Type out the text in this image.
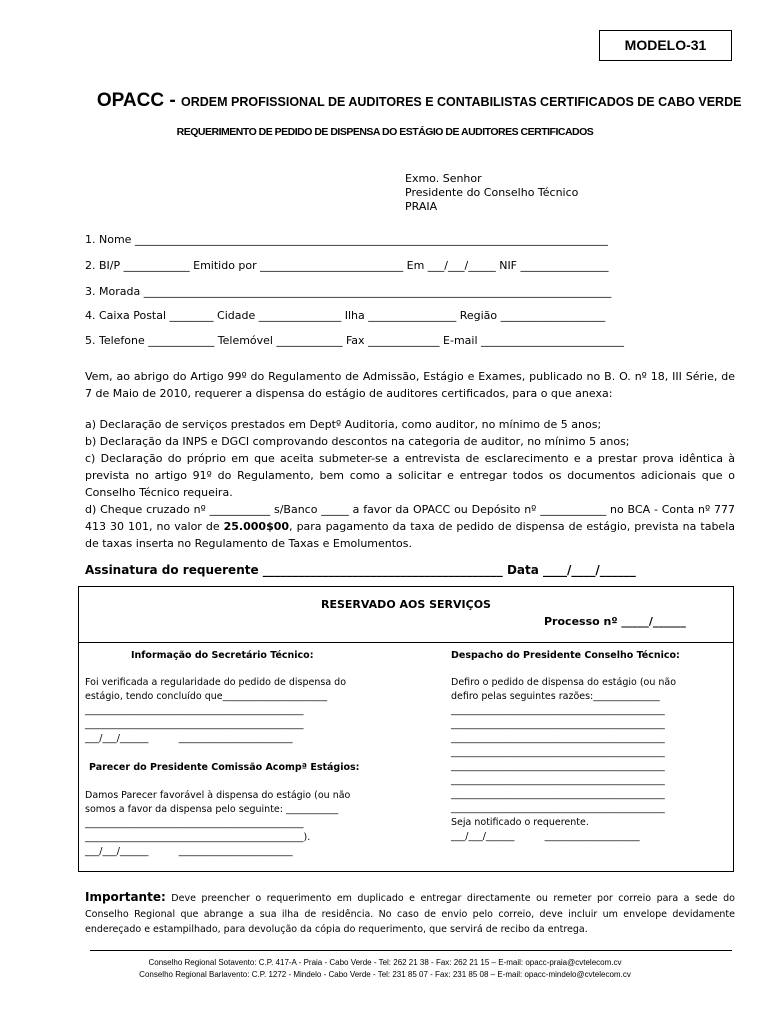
MODELO-31

OPACC - ORDEM PROFISSIONAL DE AUDITORES E CONTABILISTAS CERTIFICADOS DE CABO VERDE

REQUERIMENTO DE PEDIDO DE DISPENSA DO ESTÁGIO DE AUDITORES CERTIFICADOS
Exmo. Senhor
Presidente do Conselho Técnico
PRAIA
1. Nome ______________________________________________________________________________________
2. BI/P ____________ Emitido por __________________________ Em ___/___/_____ NIF ________________
3. Morada _____________________________________________________________________________________
4. Caixa Postal ________ Cidade _______________ Ilha ________________ Região ___________________
5. Telefone ____________ Telemóvel ____________ Fax _____________ E-mail __________________________

Vem, ao abrigo do Artigo 99º do Regulamento de Admissão, Estágio e Exames, publicado no B. O. nº 18, III Série, de 7 de Maio de 2010, requerer a dispensa do estágio de auditores certificados, para o que anexa:

a) Declaração de serviços prestados em Deptº Auditoria, como auditor, no mínimo de 5 anos;

b) Declaração da INPS e DGCI comprovando descontos na categoria de auditor, no mínimo 5 anos;

c) Declaração do próprio em que aceita submeter-se a entrevista de esclarecimento e a prestar prova idêntica à prevista no artigo 91º do Regulamento, bem como a solicitar e entregar todos os documentos adicionais que o Conselho Técnico requeira.

d) Cheque cruzado nº ___________ s/Banco _____ a favor da OPACC ou Depósito nº ____________ no BCA - Conta nº 777 413 30 101, no valor de 25.000$00, para pagamento da taxa de pedido de dispensa de estágio, prevista na tabela de taxas inserta no Regulamento de Taxas e Emolumentos.

Assinatura do requerente ________________________________________ Data ____/____/______
RESERVADO AOS SERVIÇOS
Processo nº _____/______
Informação do Secretário Técnico:
Foi verificada a regularidade do pedido de dispensa do
estágio, tendo concluído que______________________
______________________________________________
______________________________________________
___/___/______          ________________________
Parecer do Presidente Comissão Acompª Estágios:
Damos Parecer favorável à dispensa do estágio (ou não
somos a favor da dispensa pelo seguinte: ___________
______________________________________________
______________________________________________).
___/___/______          ________________________
Despacho do Presidente Conselho Técnico:
Defiro o pedido de dispensa do estágio (ou não
defiro pelas seguintes razões:______________
_____________________________________________
_____________________________________________
_____________________________________________
_____________________________________________
_____________________________________________
_____________________________________________
_____________________________________________
_____________________________________________
Seja notificado o requerente.
___/___/______          ____________________
Importante: Deve preencher o requerimento em duplicado e entregar directamente ou remeter por correio para a sede do Conselho Regional que abrange a sua ilha de residência. No caso de envio pelo correio, deve incluir um envelope devidamente endereçado e estampilhado, para devolução da cópia do requerimento, que servirá de recibo da entrega.
Conselho Regional Sotavento: C.P. 417-A - Praia - Cabo Verde - Tel: 262 21 38 - Fax: 262 21 15 – E-mail: opacc-praia@cvtelecom.cv
Conselho Regional Barlavento: C.P. 1272 - Mindelo - Cabo Verde - Tel: 231 85 07 - Fax: 231 85 08 – E-mail: opacc-mindelo@cvtelecom.cv
